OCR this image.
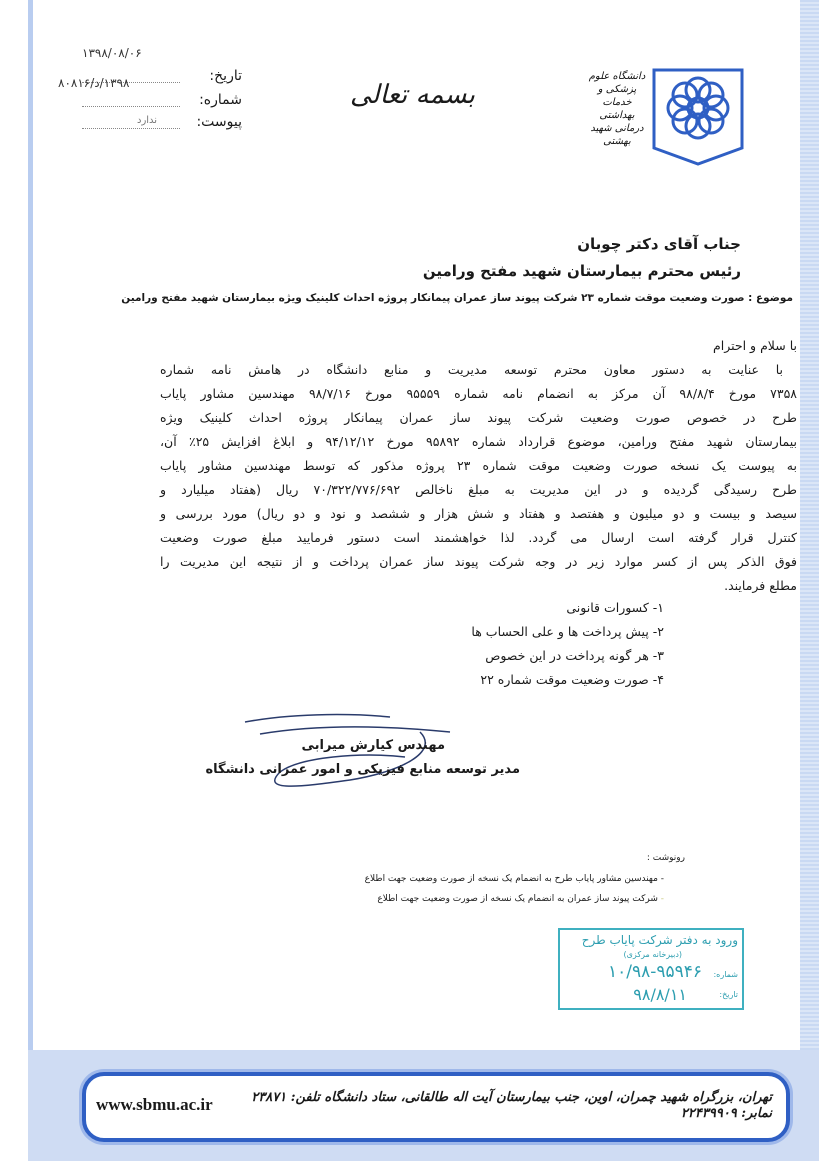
۱۳۹۸/۰۸/۰۶
تاریخ:
۱۳۹۸/د/۸۰۸۱۶
شماره:
ندارد	پیوست:
بسمه تعالی
دانشگاه علوم پزشکی و خدمات بهداشتی درمانی شهید بهشتی
جناب آقای دکتر چوبان
رئیس محترم بیمارستان شهید مفتح ورامین
موضوع : صورت وضعیت موقت شماره ۲۳ شرکت پیوند ساز عمران پیمانکار پروژه احداث کلینیک ویژه بیمارستان شهید مفتح ورامین
با سلام و احترام
با عنایت به دستور معاون محترم توسعه مدیریت و منابع دانشگاه در هامش نامه شماره
۷۳۵۸ مورخ ۹۸/۸/۴ آن مرکز به انضمام نامه شماره ۹۵۵۵۹ مورخ ۹۸/۷/۱۶ مهندسین مشاور پایاب
طرح در خصوص صورت وضعیت شرکت پیوند ساز عمران پیمانکار پروژه احداث کلینیک ویژه
بیمارستان شهید مفتح ورامین، موضوع قرارداد شماره ۹۵۸۹۲ مورخ ۹۴/۱۲/۱۲ و ابلاغ افزایش ۲۵٪ آن،
به پیوست یک نسخه صورت وضعیت موقت شماره ۲۳ پروژه مذکور که توسط مهندسین مشاور پایاب
طرح رسیدگی گردیده و در این مدیریت به مبلغ ناخالص ۷۰/۳۲۲/۷۷۶/۶۹۲ ریال (هفتاد میلیارد و
سیصد و بیست و دو میلیون و هفتصد و هفتاد و شش هزار و ششصد و نود و دو ریال) مورد بررسی و
کنترل قرار گرفته است ارسال می گردد. لذا خواهشمند است دستور فرمایید مبلغ صورت وضعیت
فوق الذکر پس از کسر موارد زیر در وجه شرکت پیوند ساز عمران پرداخت و از نتیجه این مدیریت را
مطلع فرمایند.
۱- کسورات قانونی
۲- پیش پرداخت ها و علی الحساب ها
۳- هر گونه پرداخت در این خصوص
۴- صورت وضعیت موقت شماره ۲۲
مهندس کیارش میرابی
مدیر توسعه منابع فیزیکی و امور عمرانی دانشگاه
رونوشت :
- مهندسین مشاور پایاب طرح به انضمام یک نسخه از صورت وضعیت جهت اطلاع
- شرکت پیوند ساز عمران به انضمام یک نسخه از صورت وضعیت جهت اطلاع
ورود به دفتر شرکت پایاب طرح
(دبیرخانه مرکزی)
شماره:
۱۰/۹۸-۹۵۹۴۶
تاریخ:
۹۸/۸/۱۱
تهران، بزرگراه شهید چمران، اوین، جنب بیمارستان آیت اله طالقانی، ستاد دانشگاه تلفن: ۲۳۸۷۱ نمابر: ۲۲۴۳۹۹۰۹
www.sbmu.ac.ir
